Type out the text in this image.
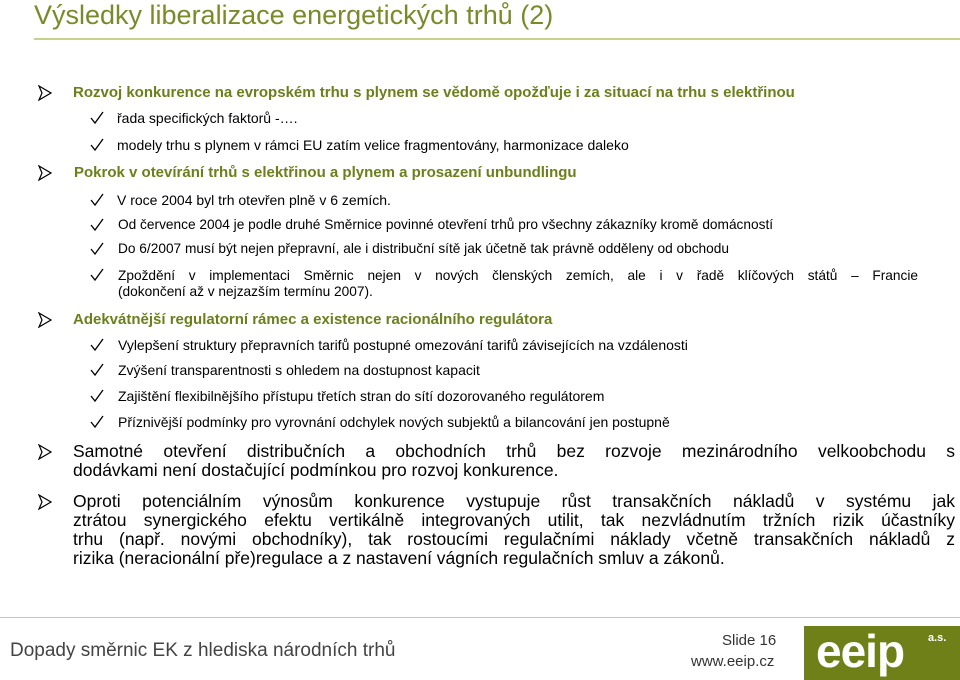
Výsledky liberalizace energetických trhů (2)
Rozvoj konkurence na evropském trhu s plynem se vědomě opožďuje i za situací na trhu s elektřinou
řada specifických faktorů -….
modely trhu s plynem v rámci EU zatím velice fragmentovány, harmonizace daleko
Pokrok v otevírání trhů s elektřinou a plynem a prosazení unbundlingu
V roce 2004 byl trh otevřen plně v 6 zemích.
Od července 2004 je podle druhé Směrnice povinné otevření trhů pro všechny zákazníky kromě domácností
Do 6/2007 musí být nejen přepravní, ale i distribuční sítě jak účetně tak právně odděleny od obchodu
Zpoždění v implementaci Směrnic nejen v nových členských zemích, ale i v řadě klíčových států – Francie
(dokončení až v nejzazším termínu 2007).
Adekvátnější regulatorní rámec a existence racionálního regulátora
Vylepšení struktury přepravních tarifů postupné omezování tarifů závisejících na vzdálenosti
Zvýšení transparentnosti s ohledem na dostupnost kapacit
Zajištění flexibilnějšího přístupu třetích stran do sítí dozorovaného regulátorem
Příznivější podmínky pro vyrovnání odchylek nových subjektů a bilancování jen postupně
Samotné otevření distribučních a obchodních trhů bez rozvoje mezinárodního velkoobchodu s
dodávkami není dostačující podmínkou pro rozvoj konkurence.
Oproti potenciálním výnosům konkurence vystupuje růst transakčních nákladů v systému jak
ztrátou synergického efektu vertikálně integrovaných utilit, tak nezvládnutím tržních rizik účastníky
trhu (např. novými obchodníky), tak rostoucími regulačními náklady včetně transakčních nákladů z
rizika (neracionální pře)regulace a z nastavení vágních regulačních smluv a zákonů.
Dopady směrnic EK z hlediska národních trhů	Slide 16
www.eeip.cz eeip a.s.
